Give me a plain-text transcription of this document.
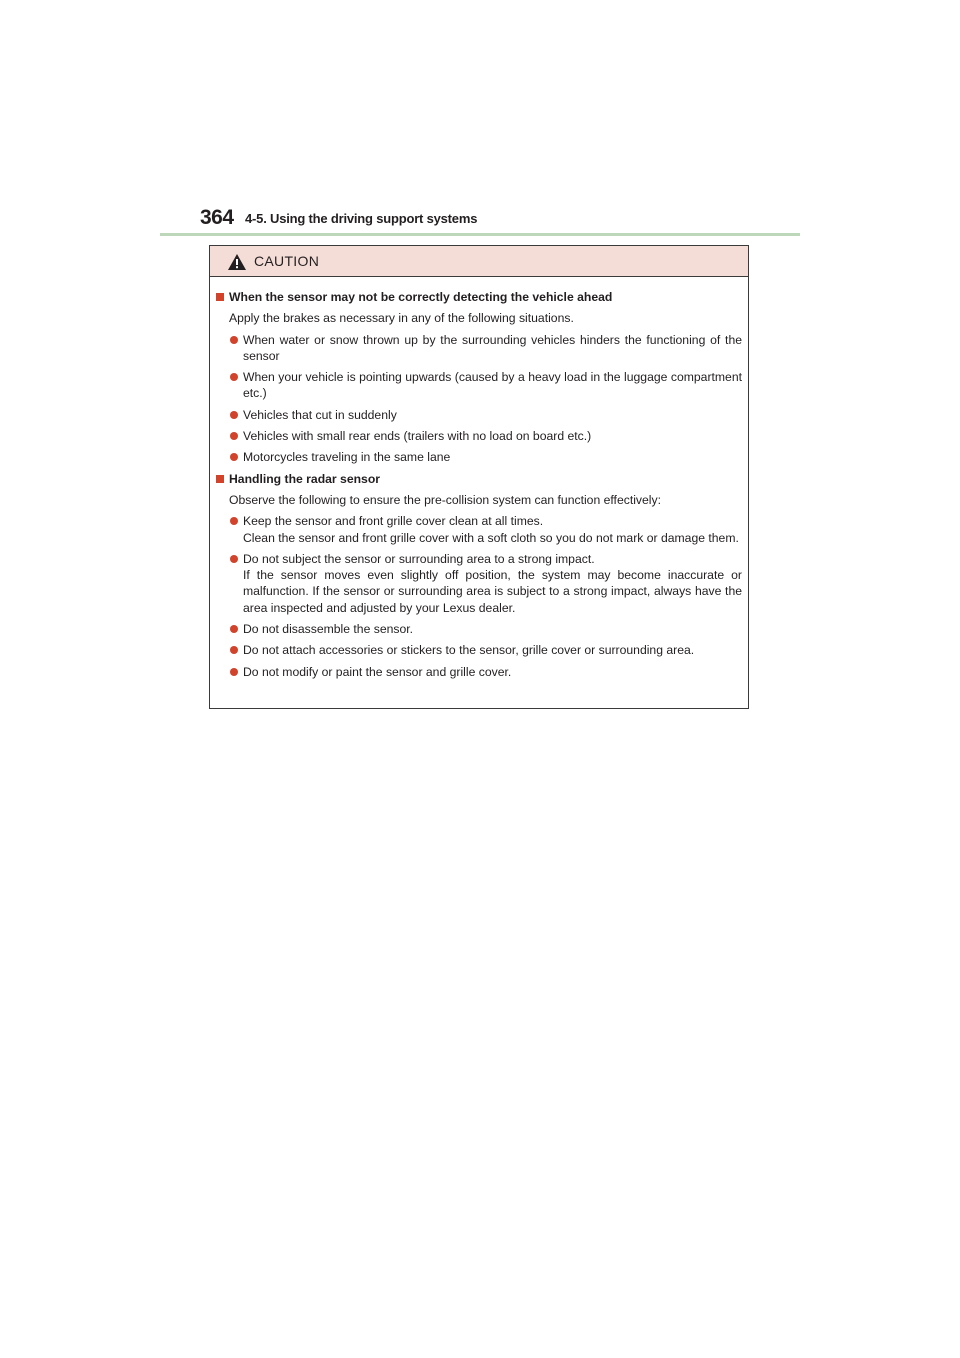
364 4-5. Using the driving support systems
CAUTION
When the sensor may not be correctly detecting the vehicle ahead
Apply the brakes as necessary in any of the following situations.
When water or snow thrown up by the surrounding vehicles hinders the functioning of the sensor
When your vehicle is pointing upwards (caused by a heavy load in the luggage compartment etc.)
Vehicles that cut in suddenly
Vehicles with small rear ends (trailers with no load on board etc.)
Motorcycles traveling in the same lane
Handling the radar sensor
Observe the following to ensure the pre-collision system can function effectively:
Keep the sensor and front grille cover clean at all times.
Clean the sensor and front grille cover with a soft cloth so you do not mark or damage them.
Do not subject the sensor or surrounding area to a strong impact.
If the sensor moves even slightly off position, the system may become inaccurate or malfunction. If the sensor or surrounding area is subject to a strong impact, always have the area inspected and adjusted by your Lexus dealer.
Do not disassemble the sensor.
Do not attach accessories or stickers to the sensor, grille cover or surrounding area.
Do not modify or paint the sensor and grille cover.
